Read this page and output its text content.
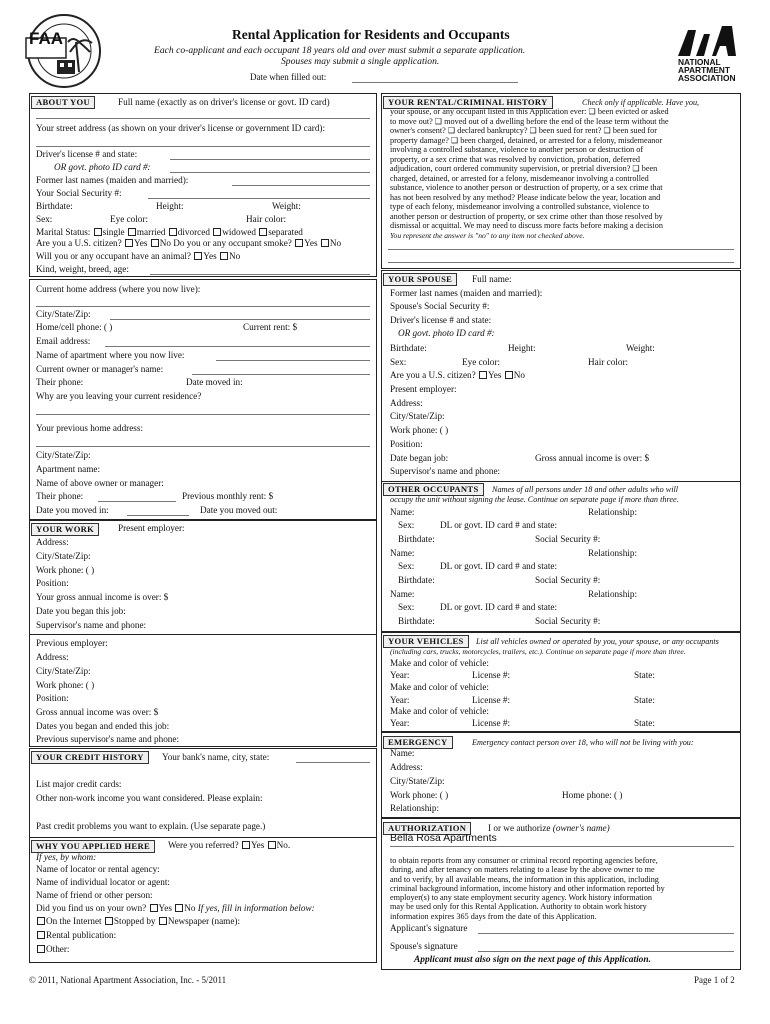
FAA	Rental Application for Residents and Occupants
Each co-applicant and each occupant 18 years old and over must submit a separate application.
Spouses may submit a single application.
Date when filled out:
NATIONAL
APARTMENT
ASSOCIATION
ABOUT YOU	Full name (exactly as on driver's license or govt. ID card)
Your street address (as shown on your driver's license or government ID card):
Driver's license # and state:
OR govt. photo ID card #:
Former last names (maiden and married):
Your Social Security #:
Birthdate:	Height:	Weight:
Sex:	Eye color:	Hair color:
Marital Status: single married divorced widowed separated
Are you a U.S. citizen? Yes No Do you or any occupant smoke? Yes No
Will you or any occupant have an animal? Yes No
Kind, weight, breed, age:
Current home address (where you now live):
City/State/Zip:
Home/cell phone: ( )	Current rent: $
Email address:
Name of apartment where you now live:
Current owner or manager's name:
Their phone:	Date moved in:
Why are you leaving your current residence?
Your previous home address:
City/State/Zip:
Apartment name:
Name of above owner or manager:
Their phone:	Previous monthly rent: $
Date you moved in:	Date you moved out:
YOUR WORK	Present employer:
Address:
City/State/Zip:
Work phone: ( )
Position:
Your gross annual income is over: $
Date you began this job:
Supervisor's name and phone:
Previous employer:
Address:
City/State/Zip:
Work phone: ( )
Position:
Gross annual income was over: $
Dates you began and ended this job:
Previous supervisor's name and phone:
YOUR CREDIT HISTORY	Your bank's name, city, state:
List major credit cards:
Other non-work income you want considered. Please explain:
Past credit problems you want to explain. (Use separate page.)
WHY YOU APPLIED HERE	Were you referred? Yes No.
If yes, by whom:
Name of locator or rental agency:
Name of individual locator or agent:
Name of friend or other person:
Did you find us on your own? Yes No If yes, fill in information below:
On the Internet Stopped by Newspaper (name):
Rental publication:
Other:
YOUR RENTAL/CRIMINAL HISTORY	Check only if applicable. Have you,
your spouse, or any occupant listed in this Application ever: ❑ been evicted or asked
to move out? ❑ moved out of a dwelling before the end of the lease term without the
owner's consent? ❑ declared bankruptcy? ❑ been sued for rent? ❑ been sued for
property damage? ❑ been charged, detained, or arrested for a felony, misdemeanor
involving a controlled substance, violence to another person or destruction of
property, or a sex crime that was resolved by conviction, probation, deferred
adjudication, court ordered community supervision, or pretrial diversion? ❑ been
charged, detained, or arrested for a felony, misdemeanor involving a controlled
substance, violence to another person or destruction of property, or a sex crime that
has not been resolved by any method? Please indicate below the year, location and
type of each felony, misdemeanor involving a controlled substance, violence to
another person or destruction of property, or sex crime other than those resolved by
dismissal or acquittal. We may need to discuss more facts before making a decision
You represent the answer is "no" to any item not checked above.
YOUR SPOUSE	Full name:
Former last names (maiden and married):
Spouse's Social Security #:
Driver's license # and state:
OR govt. photo ID card #:
Birthdate:	Height:	Weight:
Sex:	Eye color:	Hair color:
Are you a U.S. citizen? Yes No
Present employer:
Address:
City/State/Zip:
Work phone: ( )
Position:
Date began job:	Gross annual income is over: $
Supervisor's name and phone:
OTHER OCCUPANTS	Names of all persons under 18 and other adults who will
occupy the unit without signing the lease. Continue on separate page if more than three.
Name:	Relationship:
Sex:	DL or govt. ID card # and state:
Birthdate:	Social Security #:
Name:	Relationship:
Sex:	DL or govt. ID card # and state:
Birthdate:	Social Security #:
Name:	Relationship:
Sex:	DL or govt. ID card # and state:
Birthdate:	Social Security #:
YOUR VEHICLES	List all vehicles owned or operated by you, your spouse, or any occupants
(including cars, trucks, motorcycles, trailers, etc.). Continue on separate page if more than three.
Make and color of vehicle:
Year:	License #:	State:
Make and color of vehicle:
Year:	License #:	State:
Make and color of vehicle:
Year:	License #:	State:
EMERGENCY	Emergency contact person over 18, who will not be living with you:
Name:
Address:
City/State/Zip:
Work phone: ( )	Home phone: ( )
Relationship:
AUTHORIZATION	I or we authorize (owner's name)
Bella Rosa Apartments
to obtain reports from any consumer or criminal record reporting agencies before,
during, and after tenancy on matters relating to a lease by the above owner to me
and to verify, by all available means, the information in this application, including
criminal background information, income history and other information reported by
employer(s) to any state employment security agency. Work history information
may be used only for this Rental Application. Authority to obtain work history
information expires 365 days from the date of this Application.
Applicant's signature
Spouse's signature
Applicant must also sign on the next page of this Application.
© 2011, National Apartment Association, Inc. - 5/2011	Page 1 of 2
